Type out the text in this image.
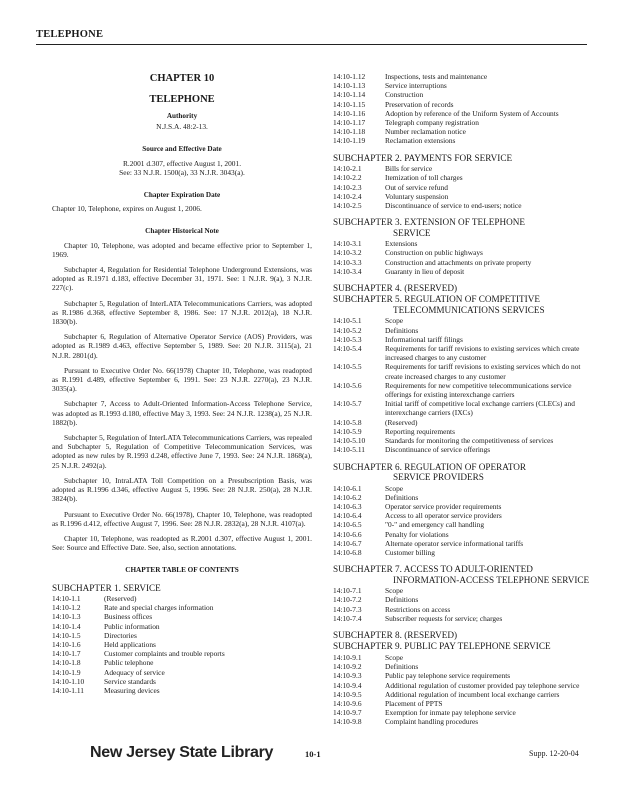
TELEPHONE
CHAPTER 10
TELEPHONE
Authority
N.J.S.A. 48:2-13.
Source and Effective Date
R.2001 d.307, effective August 1, 2001.
See: 33 N.J.R. 1500(a), 33 N.J.R. 3043(a).
Chapter Expiration Date
Chapter 10, Telephone, expires on August 1, 2006.
Chapter Historical Note

Chapter 10, Telephone, was adopted and became effective prior to September 1, 1969.

Subchapter 4, Regulation for Residential Telephone Underground Extensions, was adopted as R.1971 d.183, effective December 31, 1971. See: 1 N.J.R. 9(a), 3 N.J.R. 227(c).

Subchapter 5, Regulation of InterLATA Telecommunications Carriers, was adopted as R.1986 d.368, effective September 8, 1986. See: 17 N.J.R. 2012(a), 18 N.J.R. 1830(b).

Subchapter 6, Regulation of Alternative Operator Service (AOS) Providers, was adopted as R.1989 d.463, effective September 5, 1989. See: 20 N.J.R. 3115(a), 21 N.J.R. 2801(d).

Pursuant to Executive Order No. 66(1978) Chapter 10, Telephone, was readopted as R.1991 d.489, effective September 6, 1991. See: 23 N.J.R. 2270(a), 23 N.J.R. 3035(a).

Subchapter 7, Access to Adult-Oriented Information-Access Telephone Service, was adopted as R.1993 d.180, effective May 3, 1993. See: 24 N.J.R. 1238(a), 25 N.J.R. 1882(b).

Subchapter 5, Regulation of InterLATA Telecommunications Carriers, was repealed and Subchapter 5, Regulation of Competitive Telecommunication Services, was adopted as new rules by R.1993 d.248, effective June 7, 1993. See: 24 N.J.R. 1868(a), 25 N.J.R. 2492(a).

Subchapter 10, IntraLATA Toll Competition on a Presubscription Basis, was adopted as R.1996 d.346, effective August 5, 1996. See: 28 N.J.R. 250(a), 28 N.J.R. 3824(b).

Pursuant to Executive Order No. 66(1978), Chapter 10, Telephone, was readopted as R.1996 d.412, effective August 7, 1996. See: 28 N.J.R. 2832(a), 28 N.J.R. 4107(a).

Chapter 10, Telephone, was readopted as R.2001 d.307, effective August 1, 2001. See: Source and Effective Date. See, also, section annotations.

CHAPTER TABLE OF CONTENTS
SUBCHAPTER 1. SERVICE
14:10-1.1	(Reserved)
14:10-1.2	Rate and special charges information
14:10-1.3	Business offices
14:10-1.4	Public information
14:10-1.5	Directories
14:10-1.6	Held applications
14:10-1.7	Customer complaints and trouble reports
14:10-1.8	Public telephone
14:10-1.9	Adequacy of service
14:10-1.10	Service standards
14:10-1.11	Measuring devices
14:10-1.12	Inspections, tests and maintenance
14:10-1.13	Service interruptions
14:10-1.14	Construction
14:10-1.15	Preservation of records
14:10-1.16	Adoption by reference of the Uniform System of Accounts
14:10-1.17	Telegraph company registration
14:10-1.18	Number reclamation notice
14:10-1.19	Reclamation extensions
SUBCHAPTER 2. PAYMENTS FOR SERVICE
14:10-2.1	Bills for service
14:10-2.2	Itemization of toll charges
14:10-2.3	Out of service refund
14:10-2.4	Voluntary suspension
14:10-2.5	Discontinuance of service to end-users; notice
SUBCHAPTER 3. EXTENSION OF TELEPHONE
SERVICE
14:10-3.1	Extensions
14:10-3.2	Construction on public highways
14:10-3.3	Construction and attachments on private property
14:10-3.4	Guaranty in lieu of deposit
SUBCHAPTER 4. (RESERVED)
SUBCHAPTER 5. REGULATION OF COMPETITIVE
TELECOMMUNICATIONS SERVICES
14:10-5.1	Scope
14:10-5.2	Definitions
14:10-5.3	Informational tariff filings
14:10-5.4	Requirements for tariff revisions to existing services which create increased charges to any customer
14:10-5.5	Requirements for tariff revisions to existing services which do not create increased charges to any customer
14:10-5.6	Requirements for new competitive telecommunications service offerings for existing interexchange carriers
14:10-5.7	Initial tariff of competitive local exchange carriers (CLECs) and interexchange carriers (IXCs)
14:10-5.8	(Reserved)
14:10-5.9	Reporting requirements
14:10-5.10	Standards for monitoring the competitiveness of services
14:10-5.11	Discontinuance of service offerings
SUBCHAPTER 6. REGULATION OF OPERATOR
SERVICE PROVIDERS
14:10-6.1	Scope
14:10-6.2	Definitions
14:10-6.3	Operator service provider requirements
14:10-6.4	Access to all operator service providers
14:10-6.5	"0-" and emergency call handling
14:10-6.6	Penalty for violations
14:10-6.7	Alternate operator service informational tariffs
14:10-6.8	Customer billing
SUBCHAPTER 7. ACCESS TO ADULT-ORIENTED
INFORMATION-ACCESS TELEPHONE SERVICE
14:10-7.1	Scope
14:10-7.2	Definitions
14:10-7.3	Restrictions on access
14:10-7.4	Subscriber requests for service; charges
SUBCHAPTER 8. (RESERVED)
SUBCHAPTER 9. PUBLIC PAY TELEPHONE SERVICE
14:10-9.1	Scope
14:10-9.2	Definitions
14:10-9.3	Public pay telephone service requirements
14:10-9.4	Additional regulation of customer provided pay telephone service
14:10-9.5	Additional regulation of incumbent local exchange carriers
14:10-9.6	Placement of PPTS
14:10-9.7	Exemption for inmate pay telephone service
14:10-9.8	Complaint handling procedures
New Jersey State Library	10-1	Supp. 12-20-04
